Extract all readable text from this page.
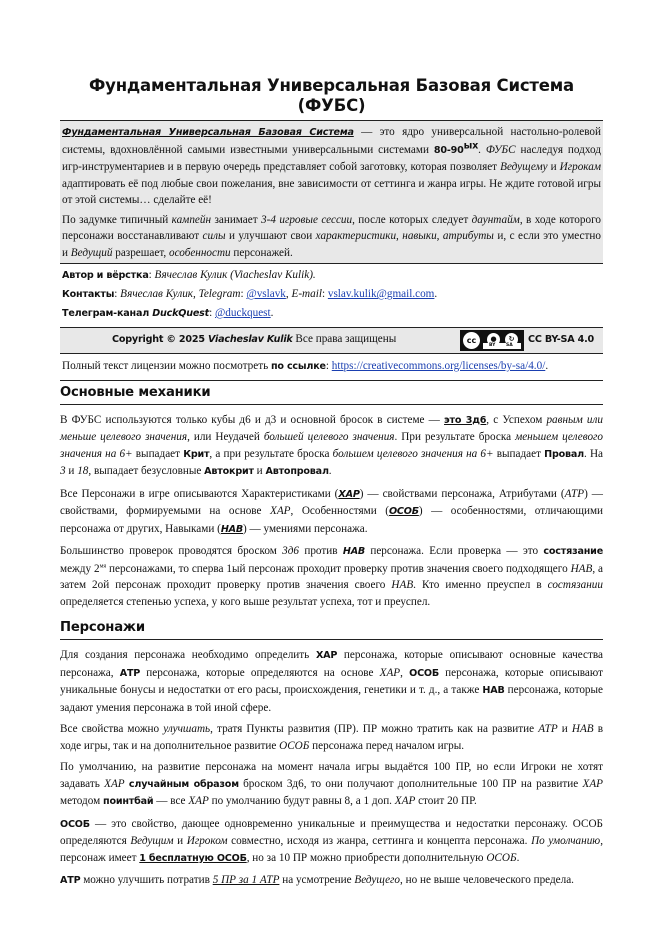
Фундаментальная Универсальная Базовая Система (ФУБС)

Фундаментальная Универсальная Базовая Система — это ядро универсальной настольно-ролевой системы, вдохновлённой самыми известными универсальными системами $80-90^{ых}$. ФУБС наследуя подход игр-инструментариев и в первую очередь представляет собой заготовку, которая позволяет Ведущему и Игрокам адаптировать её под любые свои пожелания, вне зависимости от сеттинга и жанра игры. Не ждите готовой игры от этой системы… сделайте её!

По задумке типичный кампейн занимает 3-4 игровые сессии, после которых следует даунтайм, в ходе которого персонажи восстанавливают силы и улучшают свои характеристики, навыки, атрибуты и, с если это уместно и Ведущий разрешает, особенности персонажей.

Автор и вёрстка: Вячеслав Кулик (Viacheslav Kulik).

Контакты: Вячеслав Кулик, Telegram: @vslavk, E-mail: vslav.kulik@gmail.com.

Телеграм-канал DuckQuest: @duckquest.

Copyright © 2025 Viacheslav Kulik Все права защищены	cc	●	↻
BY SA
CC BY-SA 4.0

Полный текст лицензии можно посмотреть по ссылке: https://creativecommons.org/licenses/by-sa/4.0/.

Основные механики

В ФУБС используются только кубы д6 и д3 и основной бросок в системе — это 3д6, с Успехом равным или меньше целевого значения, или Неудачей большей целевого значения. При результате броска меньшем целевого значения на 6+ выпадает Крит, а при результате броска большем целевого значения на 6+ выпадает Провал. На 3 и 18, выпадает безусловные Автокрит и Автопровал.

Все Персонажи в игре описываются Характеристиками (ХАР) — свойствами персонажа, Атрибутами (АТР) — свойствами, формируемыми на основе ХАР, Особенностями (ОСОБ) — особенностями, отличающими персонажа от других, Навыками (НАВ) — умениями персонажа.

Большинство проверок проводятся броском 3д6 против НАВ персонажа. Если проверка — это состязание между $2^{мя}$ персонажами, то сперва 1ый персонаж проходит проверку против значения своего подходящего НАВ, а затем 2ой персонаж проходит проверку против значения своего НАВ. Кто именно преуспел в состязании определяется степенью успеха, у кого выше результат успеха, тот и преуспел.

Персонажи

Для создания персонажа необходимо определить ХАР персонажа, которые описывают основные качества персонажа, АТР персонажа, которые определяются на основе ХАР, ОСОБ персонажа, которые описывают уникальные бонусы и недостатки от его расы, происхождения, генетики и т. д., а также НАВ персонажа, которые задают умения персонажа в той иной сфере.

Все свойства можно улучшать, тратя Пункты развития (ПР). ПР можно тратить как на развитие АТР и НАВ в ходе игры, так и на дополнительное развитие ОСОБ персонажа перед началом игры.

По умолчанию, на развитие персонажа на момент начала игры выдаётся 100 ПР, но если Игроки не хотят задавать ХАР случайным образом броском 3д6, то они получают дополнительные 100 ПР на развитие ХАР методом поинтбай — все ХАР по умолчанию будут равны 8, а 1 доп. ХАР стоит 20 ПР.

ОСОБ — это свойство, дающее одновременно уникальные и преимущества и недостатки персонажу. ОСОБ определяются Ведущим и Игроком совместно, исходя из жанра, сеттинга и концепта персонажа. По умолчанию, персонаж имеет 1 бесплатную ОСОБ, но за 10 ПР можно приобрести дополнительную ОСОБ.

АТР можно улучшить потратив 5 ПР за 1 АТР на усмотрение Ведущего, но не выше человеческого предела.
